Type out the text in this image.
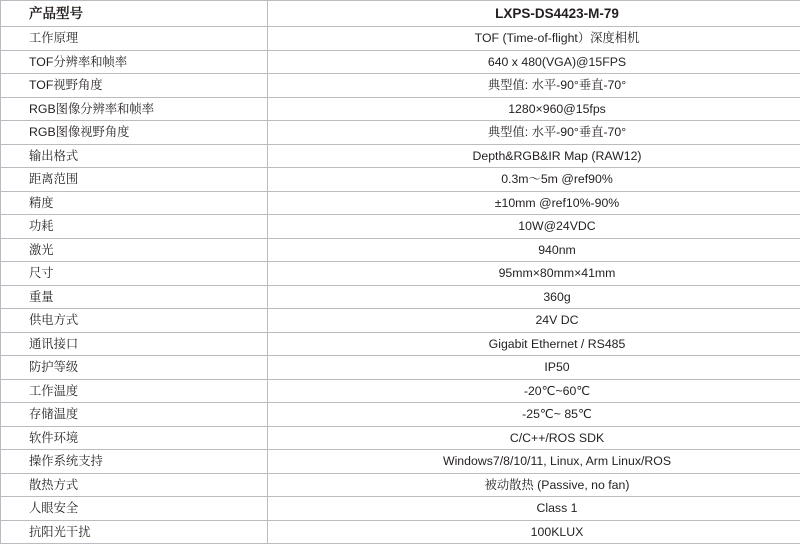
产品型号	LXPS-DS4423-M-79
工作原理	TOF (Time-of-flight）深度相机
TOF分辨率和帧率	640 x 480(VGA)@15FPS
TOF视野角度	典型值: 水平-90°垂直-70°
RGB图像分辨率和帧率	1280×960@15fps
RGB图像视野角度	典型值: 水平-90°垂直-70°
输出格式	Depth&RGB&IR Map (RAW12)
距离范围	0.3m～5m @ref90%
精度	±10mm @ref10%-90%
功耗	10W@24VDC
激光	940nm
尺寸	95mm×80mm×41mm
重量	360g
供电方式	24V DC
通讯接口	Gigabit Ethernet / RS485
防护等级	IP50
工作温度	-20℃~60℃
存储温度	-25℃~ 85℃
软件环境	C/C++/ROS SDK
操作系统支持	Windows7/8/10/11, Linux, Arm Linux/ROS
散热方式	被动散热 (Passive, no fan)
人眼安全	Class 1
抗阳光干扰	100KLUX
